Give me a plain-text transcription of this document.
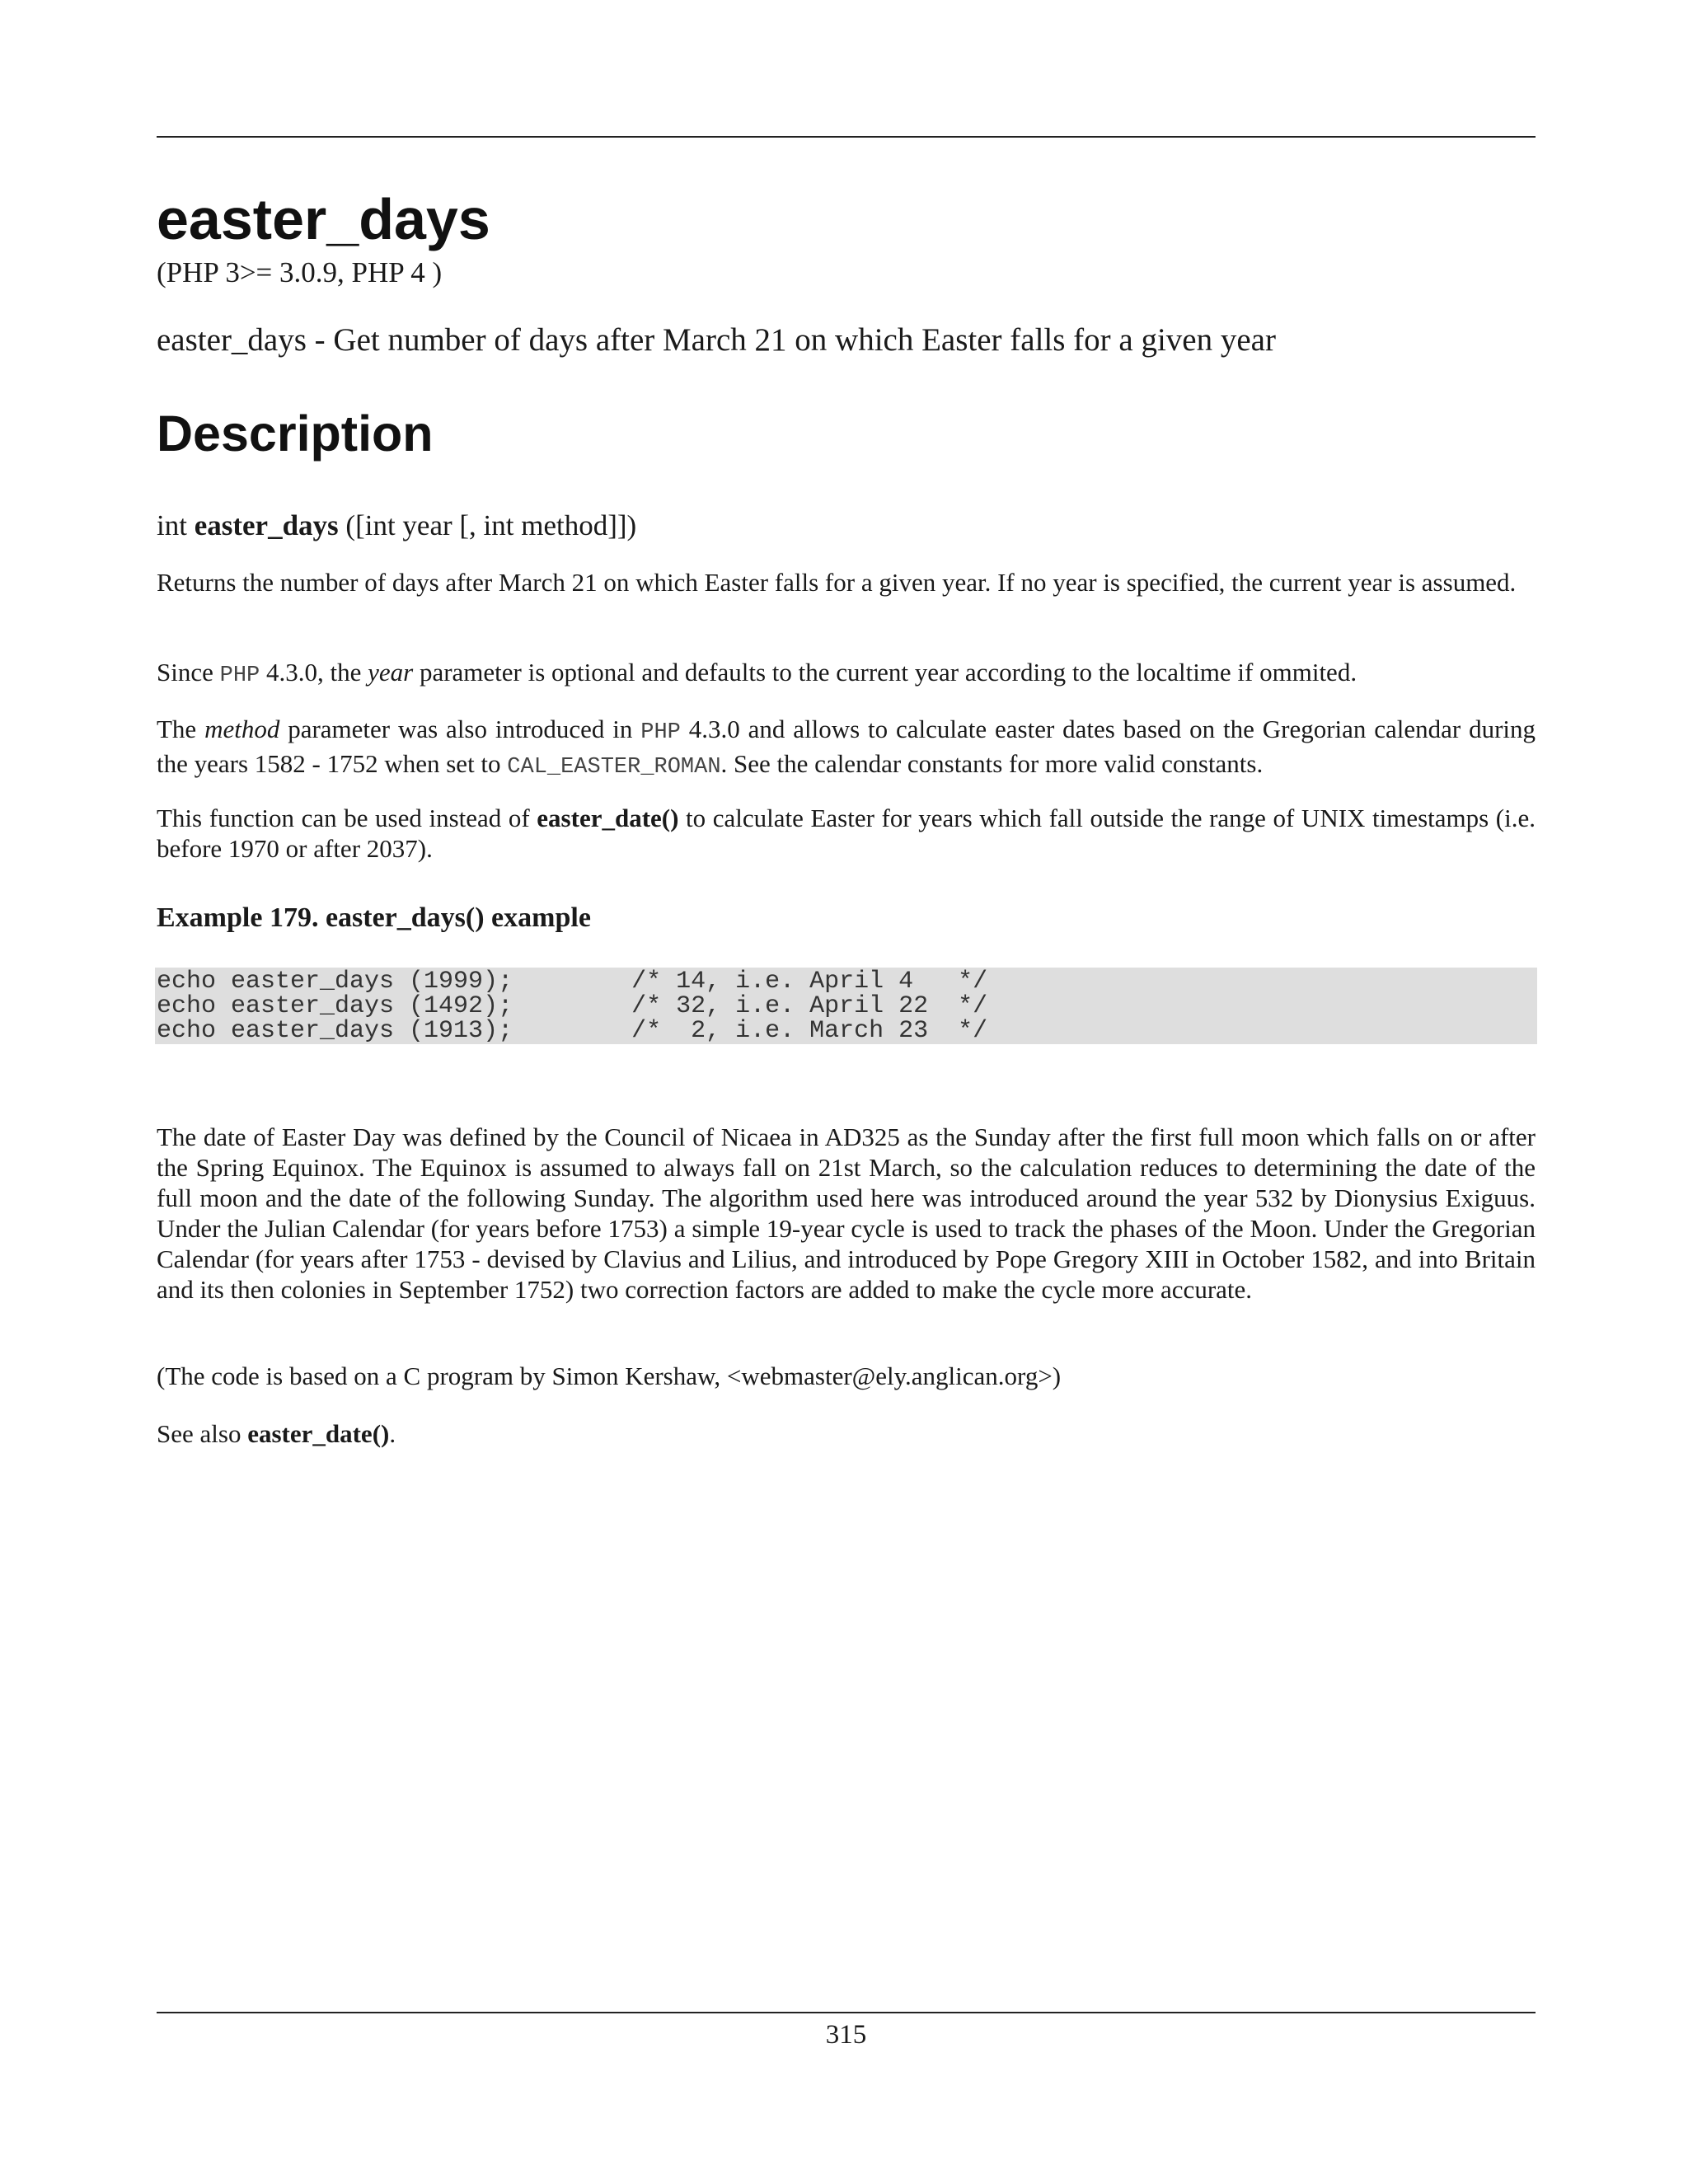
easter_days
(PHP 3>= 3.0.9, PHP 4 )
easter_days - Get number of days after March 21 on which Easter falls for a given year
Description
int easter_days ([int year [, int method]])
Returns the number of days after March 21 on which Easter falls for a given year. If no year is specified, the current year is assumed.
Since PHP 4.3.0, the year parameter is optional and defaults to the current year according to the localtime if ommited.
The method parameter was also introduced in PHP 4.3.0 and allows to calculate easter dates based on the Gregorian calendar during the years 1582 - 1752 when set to CAL_EASTER_ROMAN. See the calendar constants for more valid constants.
This function can be used instead of easter_date() to calculate Easter for years which fall outside the range of UNIX timestamps (i.e. before 1970 or after 2037).
Example 179. easter_days() example
echo easter_days (1999);        /* 14, i.e. April 4   */
echo easter_days (1492);        /* 32, i.e. April 22  */
echo easter_days (1913);        /*  2, i.e. March 23  */
The date of Easter Day was defined by the Council of Nicaea in AD325 as the Sunday after the first full moon which falls on or after the Spring Equinox. The Equinox is assumed to always fall on 21st March, so the calculation reduces to determining the date of the full moon and the date of the following Sunday. The algorithm used here was introduced around the year 532 by Dionysius Exiguus. Under the Julian Calendar (for years before 1753) a simple 19-year cycle is used to track the phases of the Moon. Under the Gregorian Calendar (for years after 1753 - devised by Clavius and Lilius, and introduced by Pope Gregory XIII in October 1582, and into Britain and its then colonies in September 1752) two correction factors are added to make the cycle more accurate.
(The code is based on a C program by Simon Kershaw, <webmaster@ely.anglican.org>)
See also easter_date().
315
